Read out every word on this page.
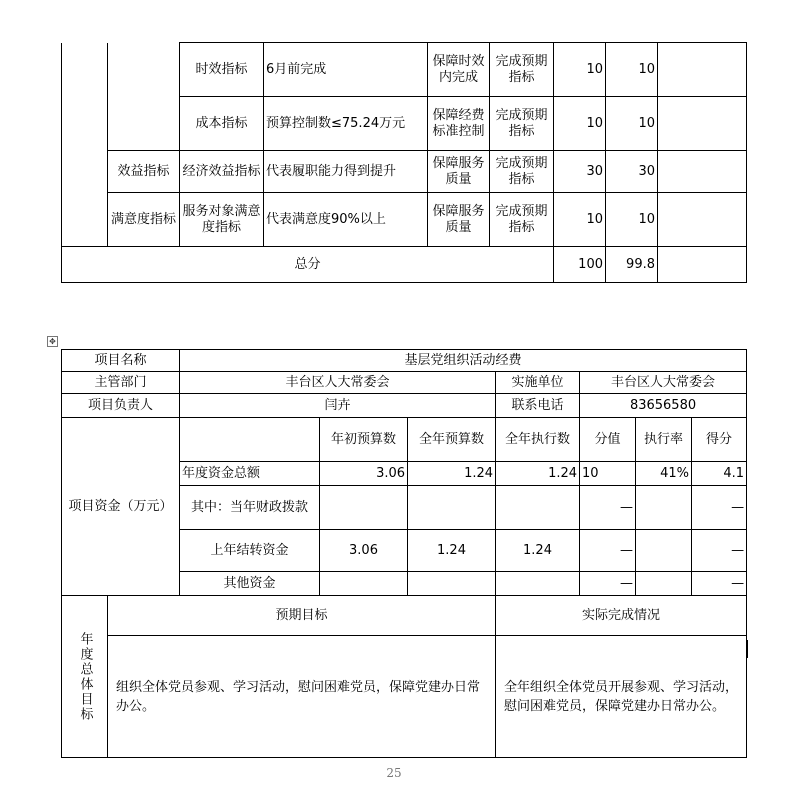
		时效指标	6月前完成	保障时效内完成	完成预期指标	10	10	
		成本指标	预算控制数≤75.24万元	保障经费标准控制	完成预期指标	10	10	
	效益指标	经济效益指标	代表履职能力得到提升	保障服务质量	完成预期指标	30	30	
	满意度指标	服务对象满意度指标	代表满意度90%以上	保障服务质量	完成预期指标	10	10	
总分						100	99.8	
✥
项目名称		基层党组织活动经费						
主管部门		丰台区人大常委会			实施单位	丰台区人大常委会		
项目负责人		闫卉			联系电话	83656580		
项目资金（万元）			年初预算数	全年预算数	全年执行数	分值	执行率	得分
		年度资金总额	3.06	1.24	1.24	10	41%	4.1
		其中：当年财政拨款				—		—
		上年结转资金	3.06	1.24	1.24	—		—
		其他资金				—		—

年度总体目标	预期目标				实际完成情况			
	组织全体党员参观、学习活动，慰问困难党员，保障党建办日常办公。				全年组织全体党员开展参观、学习活动，慰问困难党员，保障党建办日常办公。			
25
